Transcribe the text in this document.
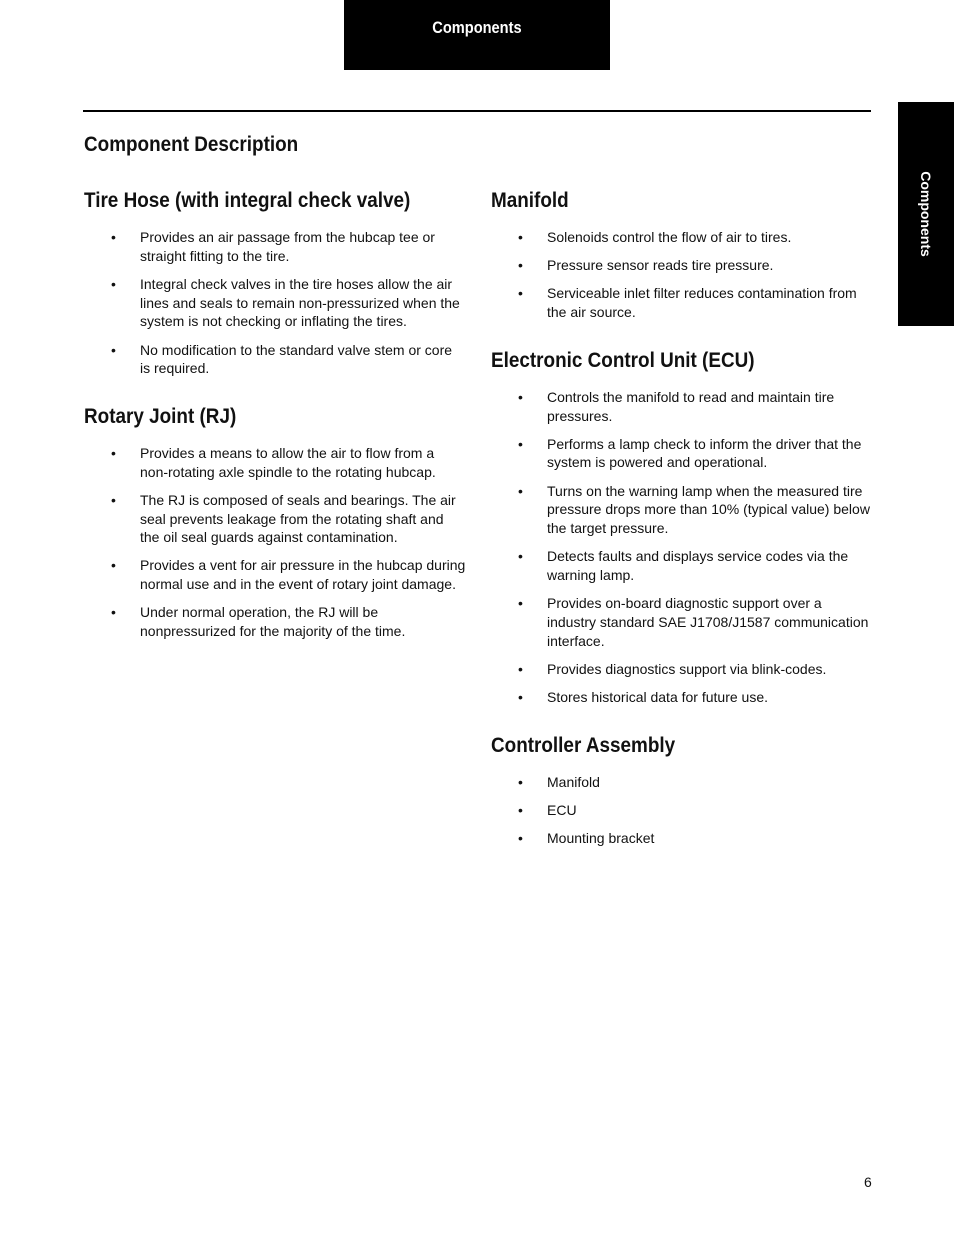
Components
Components
Component Description
Tire Hose (with integral check valve)
• Provides an air passage from the hubcap tee or straight fitting to the tire.
• Integral check valves in the tire hoses allow the air lines and seals to remain non-pressurized when the system is not checking or inflating the tires.
• No modification to the standard valve stem or core is required.
Rotary Joint (RJ)
• Provides a means to allow the air to flow from a non-rotating axle spindle to the rotating hubcap.
• The RJ is composed of seals and bearings. The air seal prevents leakage from the rotating shaft and the oil seal guards against contamination.
• Provides a vent for air pressure in the hubcap during normal use and in the event of rotary joint damage.
• Under normal operation, the RJ will be nonpressurized for the majority of the time.
Manifold
• Solenoids control the flow of air to tires.
• Pressure sensor reads tire pressure.
• Serviceable inlet filter reduces contamination from the air source.
Electronic Control Unit (ECU)
• Controls the manifold to read and maintain tire pressures.
• Performs a lamp check to inform the driver that the system is powered and operational.
• Turns on the warning lamp when the measured tire pressure drops more than 10% (typical value) below the target pressure.
• Detects faults and displays service codes via the warning lamp.
• Provides on-board diagnostic support over a industry standard SAE J1708/J1587 communication interface.
• Provides diagnostics support via blink-codes.
• Stores historical data for future use.
Controller Assembly
• Manifold
• ECU
• Mounting bracket
6
